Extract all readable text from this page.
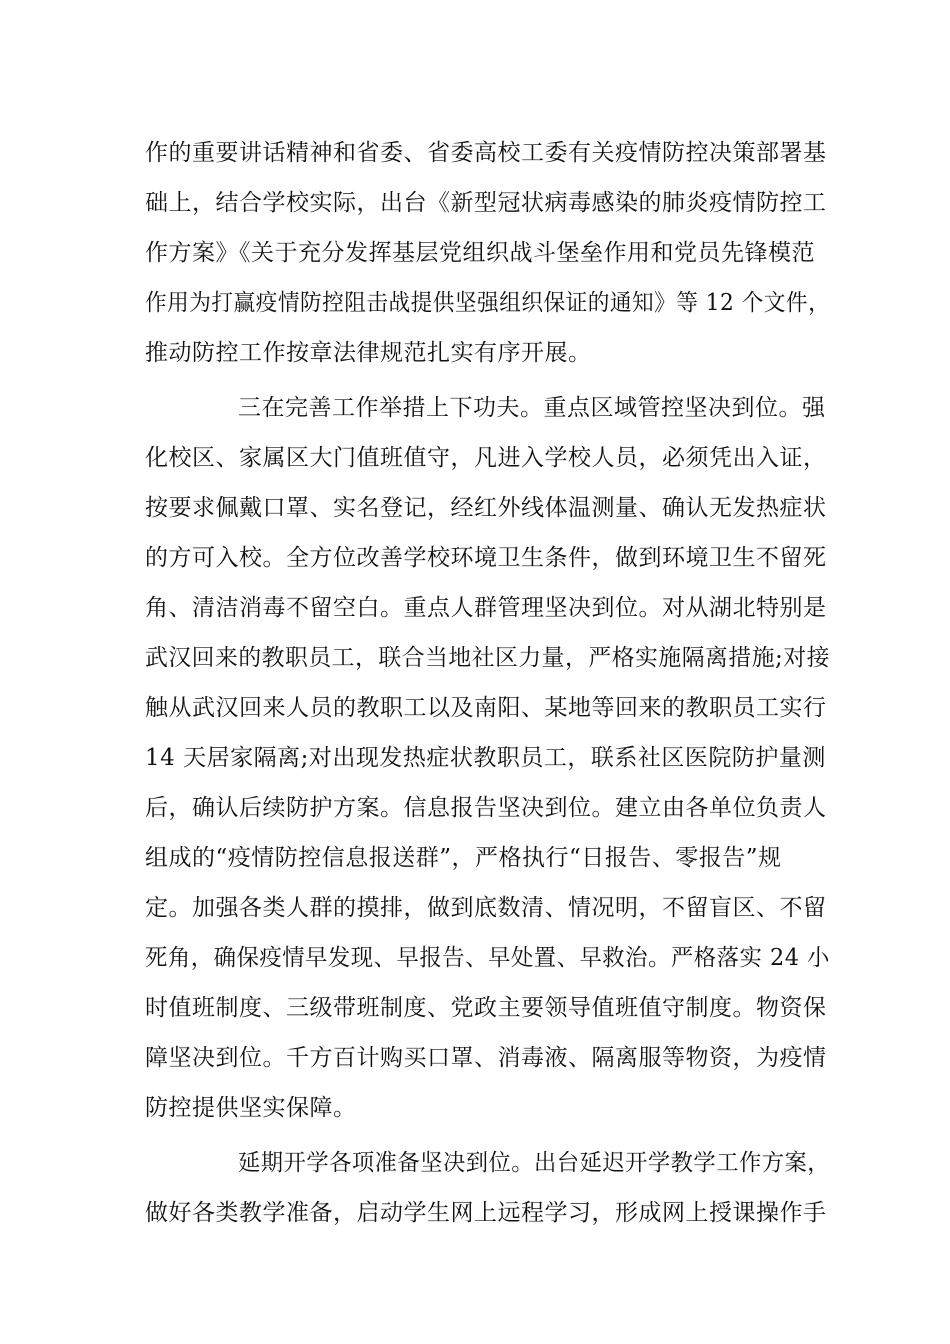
作的重要讲话精神和省委、省委高校工委有关疫情防控决策部署基
础上，结合学校实际，出台《新型冠状病毒感染的肺炎疫情防控工
作方案》《关于充分发挥基层党组织战斗堡垒作用和党员先锋模范
作用为打赢疫情防控阻击战提供坚强组织保证的通知》等 12 个文件，
推动防控工作按章法律规范扎实有序开展。
三在完善工作举措上下功夫。重点区域管控坚决到位。强
化校区、家属区大门值班值守，凡进入学校人员，必须凭出入证，
按要求佩戴口罩、实名登记，经红外线体温测量、确认无发热症状
的方可入校。全方位改善学校环境卫生条件，做到环境卫生不留死
角、清洁消毒不留空白。重点人群管理坚决到位。对从湖北特别是
武汉回来的教职员工，联合当地社区力量，严格实施隔离措施;对接
触从武汉回来人员的教职工以及南阳、某地等回来的教职员工实行
14 天居家隔离;对出现发热症状教职员工，联系社区医院防护量测
后，确认后续防护方案。信息报告坚决到位。建立由各单位负责人
组成的“疫情防控信息报送群”，严格执行“日报告、零报告”规
定。加强各类人群的摸排，做到底数清、情况明，不留盲区、不留
死角，确保疫情早发现、早报告、早处置、早救治。严格落实 24 小
时值班制度、三级带班制度、党政主要领导值班值守制度。物资保
障坚决到位。千方百计购买口罩、消毒液、隔离服等物资，为疫情
防控提供坚实保障。
延期开学各项准备坚决到位。出台延迟开学教学工作方案，
做好各类教学准备，启动学生网上远程学习，形成网上授课操作手
